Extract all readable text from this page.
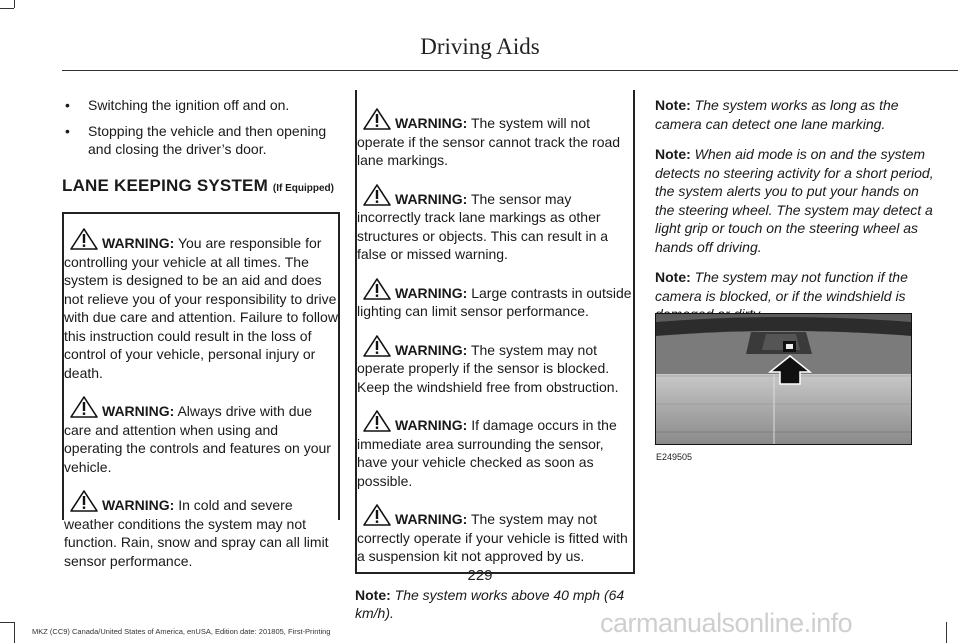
Driving Aids
• Switching the ignition off and on.
• Stopping the vehicle and then opening and closing the driver’s door.
LANE KEEPING SYSTEM (If Equipped)

WARNING: You are responsible for controlling your vehicle at all times. The system is designed to be an aid and does not relieve you of your responsibility to drive with due care and attention. Failure to follow this instruction could result in the loss of control of your vehicle, personal injury or death.

WARNING: Always drive with due care and attention when using and operating the controls and features on your vehicle.

WARNING: In cold and severe weather conditions the system may not function. Rain, snow and spray can all limit sensor performance.

WARNING: The system will not operate if the sensor cannot track the road lane markings.

WARNING: The sensor may incorrectly track lane markings as other structures or objects. This can result in a false or missed warning.

WARNING: Large contrasts in outside lighting can limit sensor performance.

WARNING: The system may not operate properly if the sensor is blocked. Keep the windshield free from obstruction.

WARNING: If damage occurs in the immediate area surrounding the sensor, have your vehicle checked as soon as possible.

WARNING: The system may not correctly operate if your vehicle is fitted with a suspension kit not approved by us.

Note: The system works above 40 mph (64 km/h).
Note: The system works as long as the camera can detect one lane marking.
Note: When aid mode is on and the system detects no steering activity for a short period, the system alerts you to put your hands on the steering wheel. The system may detect a light grip or touch on the steering wheel as hands off driving.
Note: The system may not function if the camera is blocked, or if the windshield is
E249505
229
MKZ (CC9) Canada/United States of America, enUSA, Edition date: 201805, First-Printing	carmanualsonline.info
